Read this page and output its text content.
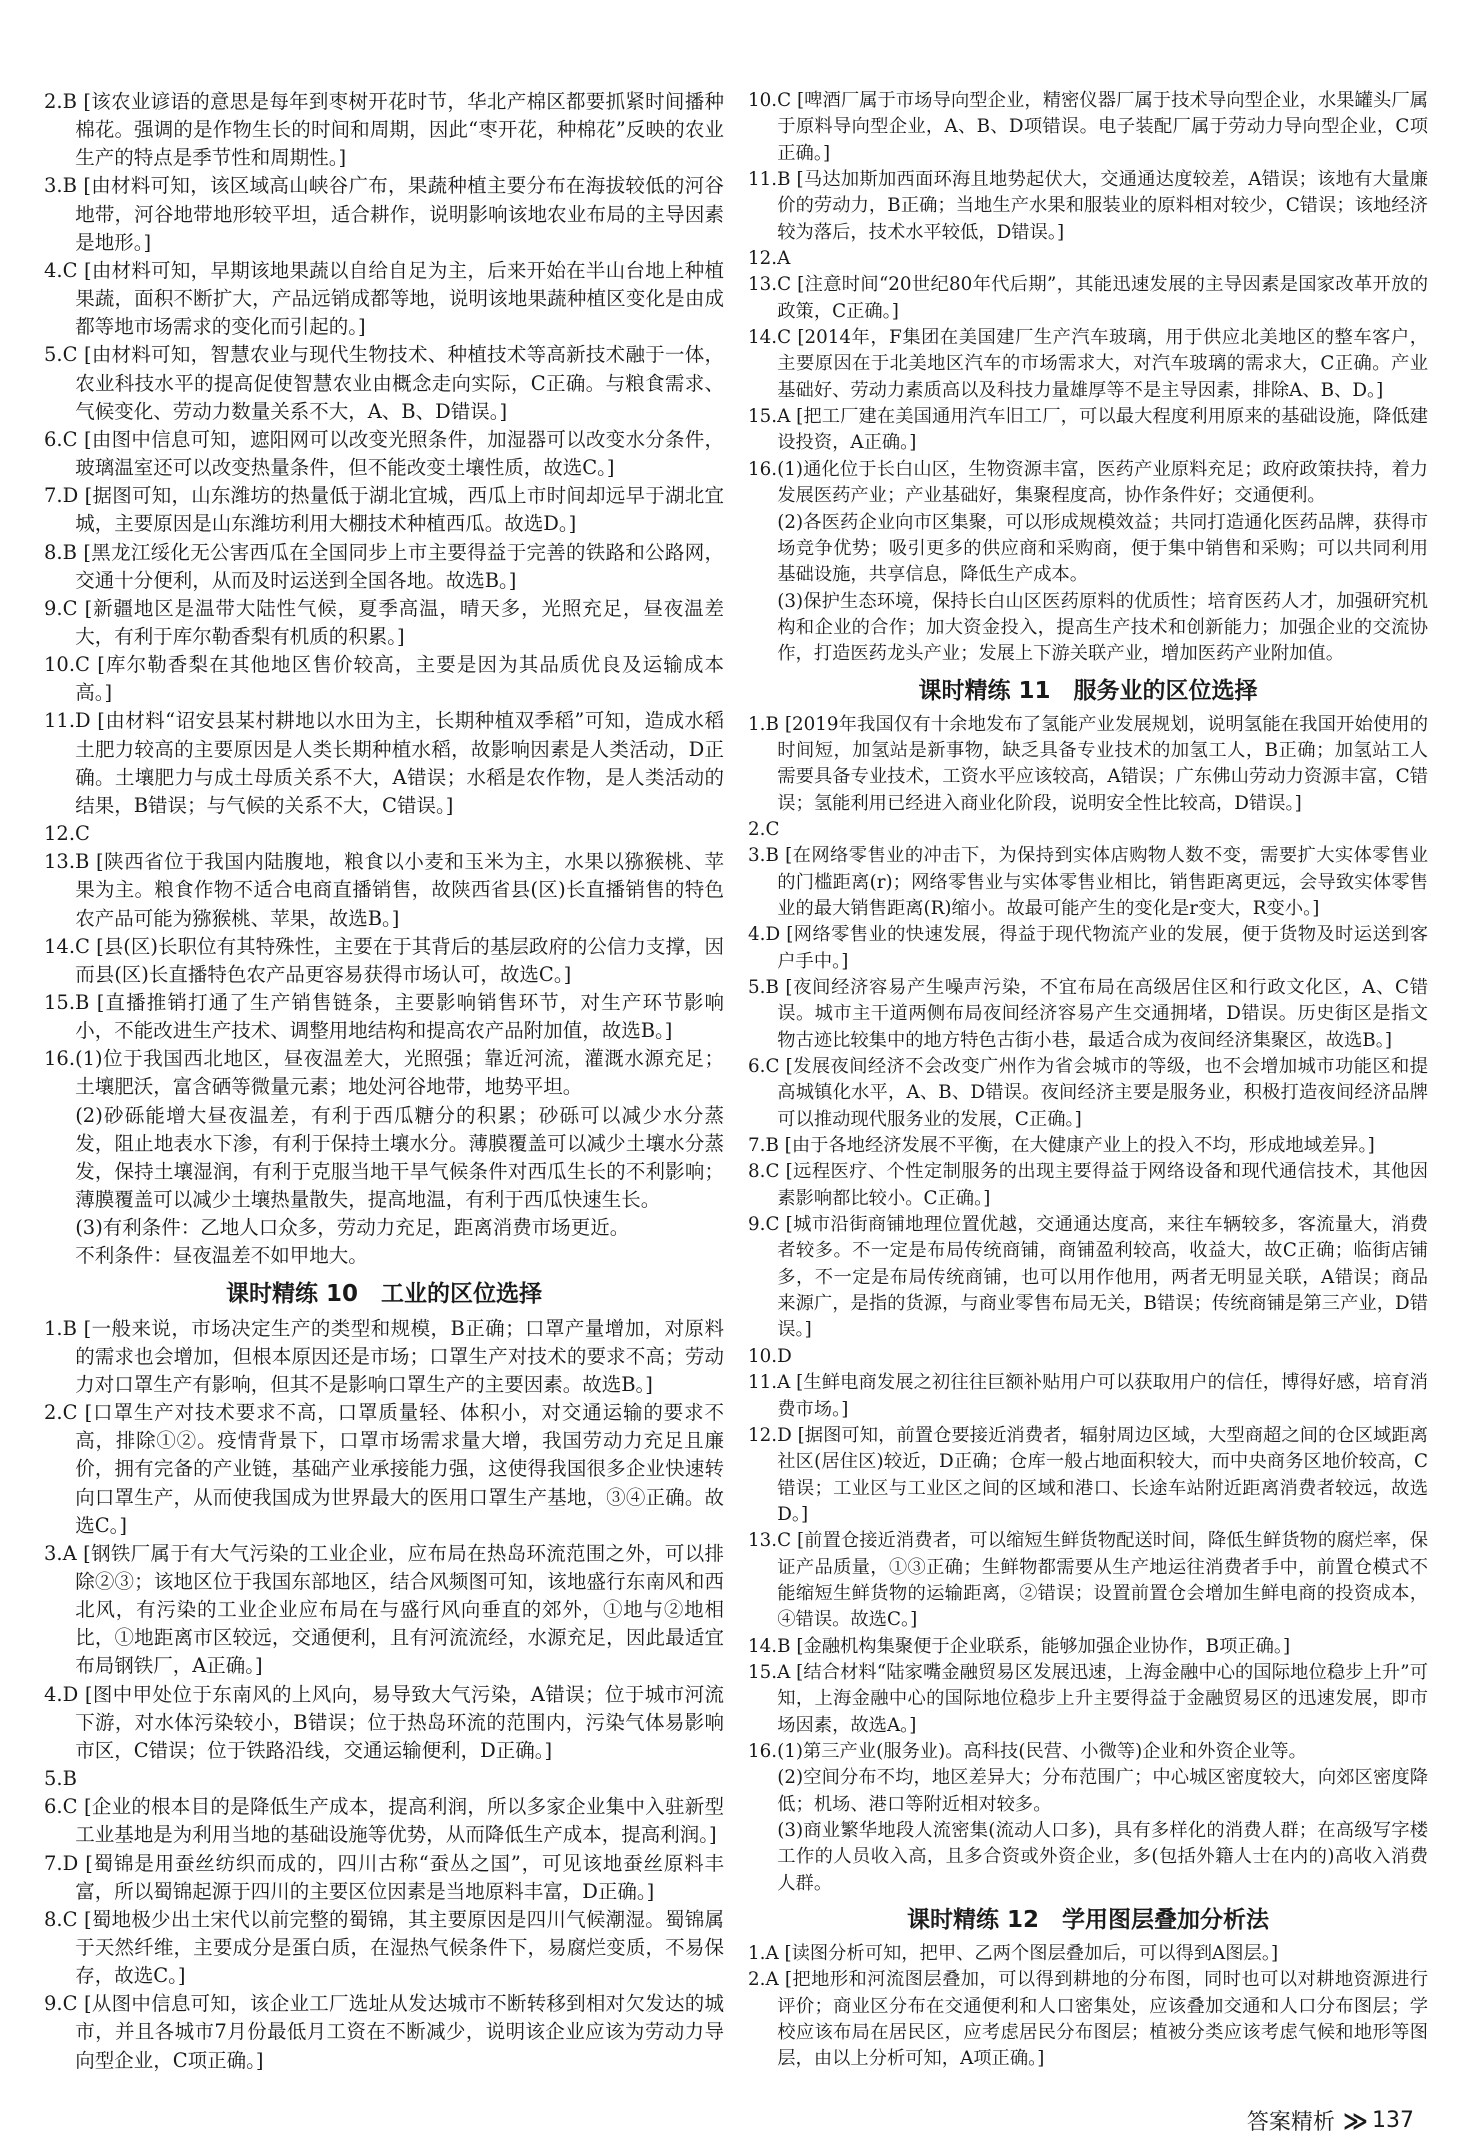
2.B [该农业谚语的意思是每年到枣树开花时节，华北产棉区都要抓紧时间播种棉花。强调的是作物生长的时间和周期，因此“枣开花，种棉花”反映的农业生产的特点是季节性和周期性。]

3.B [由材料可知，该区域高山峡谷广布，果蔬种植主要分布在海拔较低的河谷地带，河谷地带地形较平坦，适合耕作，说明影响该地农业布局的主导因素是地形。]

4.C [由材料可知，早期该地果蔬以自给自足为主，后来开始在半山台地上种植果蔬，面积不断扩大，产品远销成都等地，说明该地果蔬种植区变化是由成都等地市场需求的变化而引起的。]

5.C [由材料可知，智慧农业与现代生物技术、种植技术等高新技术融于一体，农业科技水平的提高促使智慧农业由概念走向实际，C正确。与粮食需求、气候变化、劳动力数量关系不大，A、B、D错误。]

6.C [由图中信息可知，遮阳网可以改变光照条件，加湿器可以改变水分条件，玻璃温室还可以改变热量条件，但不能改变土壤性质，故选C。]

7.D [据图可知，山东潍坊的热量低于湖北宜城，西瓜上市时间却远早于湖北宜城，主要原因是山东潍坊利用大棚技术种植西瓜。故选D。]

8.B [黑龙江绥化无公害西瓜在全国同步上市主要得益于完善的铁路和公路网，交通十分便利，从而及时运送到全国各地。故选B。]

9.C [新疆地区是温带大陆性气候，夏季高温，晴天多，光照充足，昼夜温差大，有利于库尔勒香梨有机质的积累。]

10.C [库尔勒香梨在其他地区售价较高，主要是因为其品质优良及运输成本高。]

11.D [由材料“诏安县某村耕地以水田为主，长期种植双季稻”可知，造成水稻土肥力较高的主要原因是人类长期种植水稻，故影响因素是人类活动，D正确。土壤肥力与成土母质关系不大，A错误；水稻是农作物，是人类活动的结果，B错误；与气候的关系不大，C错误。]

12.C

13.B [陕西省位于我国内陆腹地，粮食以小麦和玉米为主，水果以猕猴桃、苹果为主。粮食作物不适合电商直播销售，故陕西省县(区)长直播销售的特色农产品可能为猕猴桃、苹果，故选B。]

14.C [县(区)长职位有其特殊性，主要在于其背后的基层政府的公信力支撑，因而县(区)长直播特色农产品更容易获得市场认可，故选C。]

15.B [直播推销打通了生产销售链条，主要影响销售环节，对生产环节影响小，不能改进生产技术、调整用地结构和提高农产品附加值，故选B。]

16.(1)位于我国西北地区，昼夜温差大，光照强；靠近河流，灌溉水源充足；土壤肥沃，富含硒等微量元素；地处河谷地带，地势平坦。

(2)砂砾能增大昼夜温差，有利于西瓜糖分的积累；砂砾可以减少水分蒸发，阻止地表水下渗，有利于保持土壤水分。薄膜覆盖可以减少土壤水分蒸发，保持土壤湿润，有利于克服当地干旱气候条件对西瓜生长的不利影响；薄膜覆盖可以减少土壤热量散失，提高地温，有利于西瓜快速生长。

(3)有利条件：乙地人口众多，劳动力充足，距离消费市场更近。

不利条件：昼夜温差不如甲地大。

课时精练 10　工业的区位选择

1.B [一般来说，市场决定生产的类型和规模，B正确；口罩产量增加，对原料的需求也会增加，但根本原因还是市场；口罩生产对技术的要求不高；劳动力对口罩生产有影响，但其不是影响口罩生产的主要因素。故选B。]

2.C [口罩生产对技术要求不高，口罩质量轻、体积小，对交通运输的要求不高，排除①②。疫情背景下，口罩市场需求量大增，我国劳动力充足且廉价，拥有完备的产业链，基础产业承接能力强，这使得我国很多企业快速转向口罩生产，从而使我国成为世界最大的医用口罩生产基地，③④正确。故选C。]

3.A [钢铁厂属于有大气污染的工业企业，应布局在热岛环流范围之外，可以排除②③；该地区位于我国东部地区，结合风频图可知，该地盛行东南风和西北风，有污染的工业企业应布局在与盛行风向垂直的郊外，①地与②地相比，①地距离市区较远，交通便利，且有河流流经，水源充足，因此最适宜布局钢铁厂，A正确。]

4.D [图中甲处位于东南风的上风向，易导致大气污染，A错误；位于城市河流下游，对水体污染较小，B错误；位于热岛环流的范围内，污染气体易影响市区，C错误；位于铁路沿线，交通运输便利，D正确。]

5.B

6.C [企业的根本目的是降低生产成本，提高利润，所以多家企业集中入驻新型工业基地是为利用当地的基础设施等优势，从而降低生产成本，提高利润。]

7.D [蜀锦是用蚕丝纺织而成的，四川古称“蚕丛之国”，可见该地蚕丝原料丰富，所以蜀锦起源于四川的主要区位因素是当地原料丰富，D正确。]

8.C [蜀地极少出土宋代以前完整的蜀锦，其主要原因是四川气候潮湿。蜀锦属于天然纤维，主要成分是蛋白质，在湿热气候条件下，易腐烂变质，不易保存，故选C。]

9.C [从图中信息可知，该企业工厂选址从发达城市不断转移到相对欠发达的城市，并且各城市7月份最低月工资在不断减少，说明该企业应该为劳动力导向型企业，C项正确。]

10.C [啤酒厂属于市场导向型企业，精密仪器厂属于技术导向型企业，水果罐头厂属于原料导向型企业，A、B、D项错误。电子装配厂属于劳动力导向型企业，C项正确。]

11.B [马达加斯加西面环海且地势起伏大，交通通达度较差，A错误；该地有大量廉价的劳动力，B正确；当地生产水果和服装业的原料相对较少，C错误；该地经济较为落后，技术水平较低，D错误。]

12.A

13.C [注意时间“20世纪80年代后期”，其能迅速发展的主导因素是国家改革开放的政策，C正确。]

14.C [2014年，F集团在美国建厂生产汽车玻璃，用于供应北美地区的整车客户，主要原因在于北美地区汽车的市场需求大，对汽车玻璃的需求大，C正确。产业基础好、劳动力素质高以及科技力量雄厚等不是主导因素，排除A、B、D。]

15.A [把工厂建在美国通用汽车旧工厂，可以最大程度利用原来的基础设施，降低建设投资，A正确。]

16.(1)通化位于长白山区，生物资源丰富，医药产业原料充足；政府政策扶持，着力发展医药产业；产业基础好，集聚程度高，协作条件好；交通便利。

(2)各医药企业向市区集聚，可以形成规模效益；共同打造通化医药品牌，获得市场竞争优势；吸引更多的供应商和采购商，便于集中销售和采购；可以共同利用基础设施，共享信息，降低生产成本。

(3)保护生态环境，保持长白山区医药原料的优质性；培育医药人才，加强研究机构和企业的合作；加大资金投入，提高生产技术和创新能力；加强企业的交流协作，打造医药龙头产业；发展上下游关联产业，增加医药产业附加值。

课时精练 11　服务业的区位选择

1.B [2019年我国仅有十余地发布了氢能产业发展规划，说明氢能在我国开始使用的时间短，加氢站是新事物，缺乏具备专业技术的加氢工人，B正确；加氢站工人需要具备专业技术，工资水平应该较高，A错误；广东佛山劳动力资源丰富，C错误；氢能利用已经进入商业化阶段，说明安全性比较高，D错误。]

2.C

3.B [在网络零售业的冲击下，为保持到实体店购物人数不变，需要扩大实体零售业的门槛距离(r)；网络零售业与实体零售业相比，销售距离更远，会导致实体零售业的最大销售距离(R)缩小。故最可能产生的变化是r变大，R变小。]

4.D [网络零售业的快速发展，得益于现代物流产业的发展，便于货物及时运送到客户手中。]

5.B [夜间经济容易产生噪声污染，不宜布局在高级居住区和行政文化区，A、C错误。城市主干道两侧布局夜间经济容易产生交通拥堵，D错误。历史街区是指文物古迹比较集中的地方特色古街小巷，最适合成为夜间经济集聚区，故选B。]

6.C [发展夜间经济不会改变广州作为省会城市的等级，也不会增加城市功能区和提高城镇化水平，A、B、D错误。夜间经济主要是服务业，积极打造夜间经济品牌可以推动现代服务业的发展，C正确。]

7.B [由于各地经济发展不平衡，在大健康产业上的投入不均，形成地域差异。]

8.C [远程医疗、个性定制服务的出现主要得益于网络设备和现代通信技术，其他因素影响都比较小。C正确。]

9.C [城市沿街商铺地理位置优越，交通通达度高，来往车辆较多，客流量大，消费者较多。不一定是布局传统商铺，商铺盈利较高，收益大，故C正确；临街店铺多，不一定是布局传统商铺，也可以用作他用，两者无明显关联，A错误；商品来源广，是指的货源，与商业零售布局无关，B错误；传统商铺是第三产业，D错误。]

10.D

11.A [生鲜电商发展之初往往巨额补贴用户可以获取用户的信任，博得好感，培育消费市场。]

12.D [据图可知，前置仓要接近消费者，辐射周边区域，大型商超之间的仓区域距离社区(居住区)较近，D正确；仓库一般占地面积较大，而中央商务区地价较高，C错误；工业区与工业区之间的区域和港口、长途车站附近距离消费者较远，故选D。]

13.C [前置仓接近消费者，可以缩短生鲜货物配送时间，降低生鲜货物的腐烂率，保证产品质量，①③正确；生鲜物都需要从生产地运往消费者手中，前置仓模式不能缩短生鲜货物的运输距离，②错误；设置前置仓会增加生鲜电商的投资成本，④错误。故选C。]

14.B [金融机构集聚便于企业联系，能够加强企业协作，B项正确。]

15.A [结合材料“陆家嘴金融贸易区发展迅速，上海金融中心的国际地位稳步上升”可知，上海金融中心的国际地位稳步上升主要得益于金融贸易区的迅速发展，即市场因素，故选A。]

16.(1)第三产业(服务业)。高科技(民营、小微等)企业和外资企业等。

(2)空间分布不均，地区差异大；分布范围广；中心城区密度较大，向郊区密度降低；机场、港口等附近相对较多。

(3)商业繁华地段人流密集(流动人口多)，具有多样化的消费人群；在高级写字楼工作的人员收入高，且多合资或外资企业，多(包括外籍人士在内的)高收入消费人群。

课时精练 12　学用图层叠加分析法

1.A [读图分析可知，把甲、乙两个图层叠加后，可以得到A图层。]

2.A [把地形和河流图层叠加，可以得到耕地的分布图，同时也可以对耕地资源进行评价；商业区分布在交通便利和人口密集处，应该叠加交通和人口分布图层；学校应该布局在居民区，应考虑居民分布图层；植被分类应该考虑气候和地形等图层，由以上分析可知，A项正确。]

答案精析 ≫ 137
